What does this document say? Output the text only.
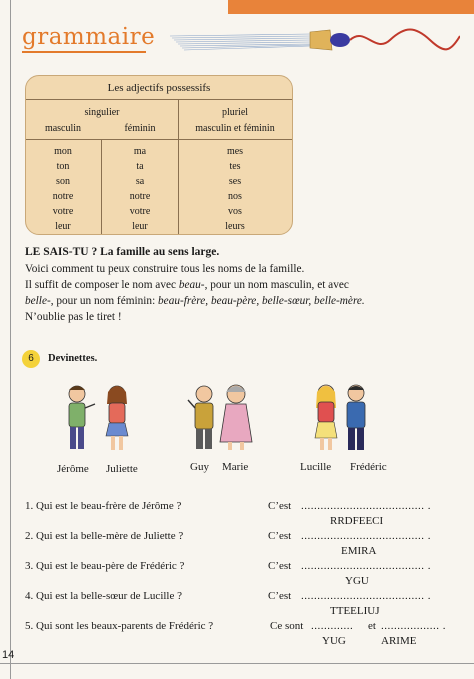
grammaire
Les adjectifs possessifs
singulier	pluriel
masculin	féminin	masculin et féminin
mon	ma	mes
ton	ta	tes
son	sa	ses
notre	notre	nos
votre	votre	vos
leur	leur	leurs
LE SAIS-TU ? La famille au sens large.
Voici comment tu peux construire tous les noms de la famille.
Il suffit de composer le nom avec beau-, pour un nom masculin, et avec
belle-, pour un nom féminin: beau-frère, beau-père, belle-sœur, belle-mère.
N’oublie pas le tiret !
6	Devinettes.
Jérôme Juliette	Guy Marie	Lucille Frédéric
1. Qui est le beau-frère de Jérôme ?	C’est ...................................... .
RRDFEECI
2. Qui est la belle-mère de Juliette ?	C’est ...................................... .
EMIRA
3. Qui est le beau-père de Frédéric ?	C’est ...................................... .
YGU
4. Qui est la belle-sœur de Lucille ?	C’est ...................................... .
TTEELIUJ
5. Qui sont les beaux-parents de Frédéric ?	Ce sont ............. et .................. .
YUG	ARIME
14
